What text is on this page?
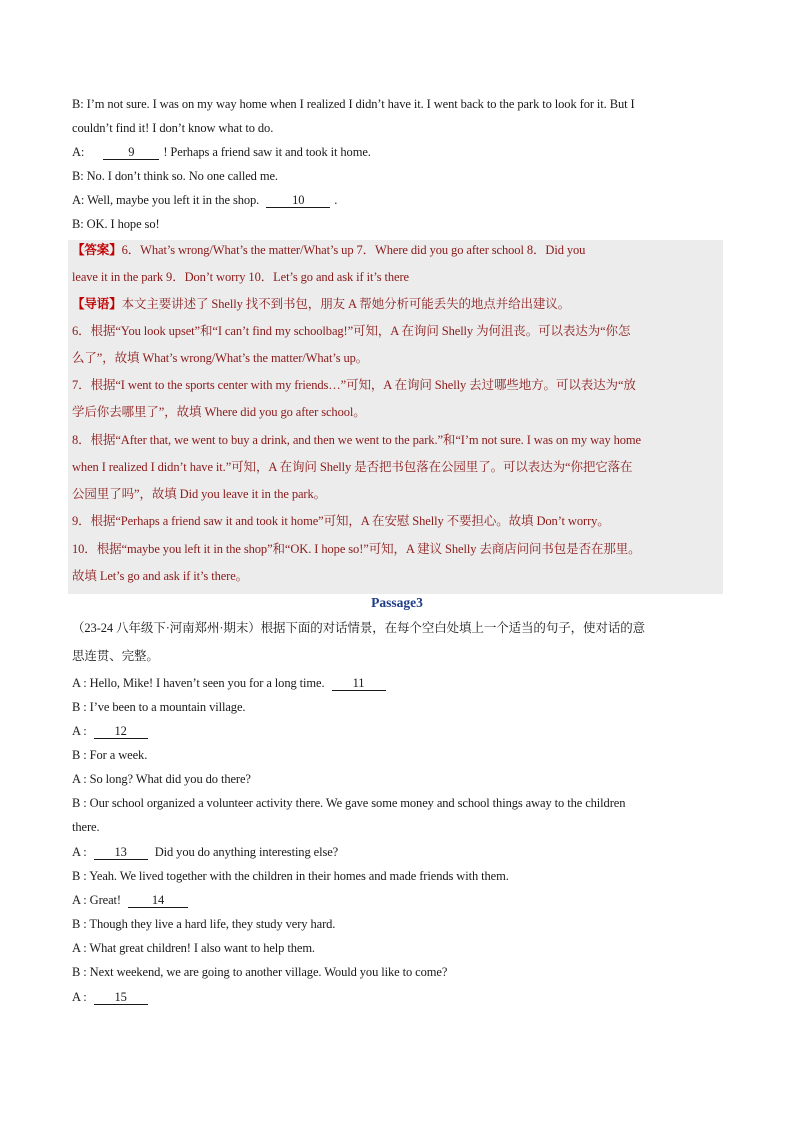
B: I’m not sure. I was on my way home when I realized I didn’t have it. I went back to the park to look for it. But I
couldn’t find it! I don’t know what to do.
A:	9 ! Perhaps a friend saw it and took it home.
B: No. I don’t think so. No one called me.
A: Well, maybe you left it in the shop.	10 .
B: OK. I hope so!
【答案】6．What’s wrong/What’s the matter/What’s up 7．Where did you go after school 8．Did you
leave it in the park 9．Don’t worry 10．Let’s go and ask if it’s there
【导语】本文主要讲述了 Shelly 找不到书包，朋友 A 帮她分析可能丢失的地点并给出建议。
6．根据“You look upset”和“I can’t find my schoolbag!”可知，A 在询问 Shelly 为何沮丧。可以表达为“你怎
么了”，故填 What’s wrong/What’s the matter/What’s up。
7．根据“I went to the sports center with my friends…”可知，A 在询问 Shelly 去过哪些地方。可以表达为“放
学后你去哪里了”，故填 Where did you go after school。
8．根据“After that, we went to buy a drink, and then we went to the park.”和“I’m not sure. I was on my way home
when I realized I didn’t have it.”可知，A 在询问 Shelly 是否把书包落在公园里了。可以表达为“你把它落在
公园里了吗”，故填 Did you leave it in the park。
9．根据“Perhaps a friend saw it and took it home”可知，A 在安慰 Shelly 不要担心。故填 Don’t worry。
10．根据“maybe you left it in the shop”和“OK. I hope so!”可知，A 建议 Shelly 去商店问问书包是否在那里。
故填 Let’s go and ask if it’s there。
Passage3
（23-24 八年级下·河南郑州·期末）根据下面的对话情景，在每个空白处填上一个适当的句子，使对话的意
思连贯、完整。
A : Hello, Mike! I haven’t seen you for a long time. 11
B : I’ve been to a mountain village.
A : 12
B : For a week.
A : So long? What did you do there?
B : Our school organized a volunteer activity there. We gave some money and school things away to the children
there.
A : 13 Did you do anything interesting else?
B : Yeah. We lived together with the children in their homes and made friends with them.
A : Great! 14
B : Though they live a hard life, they study very hard.
A : What great children! I also want to help them.
B : Next weekend, we are going to another village. Would you like to come?
A : 15
